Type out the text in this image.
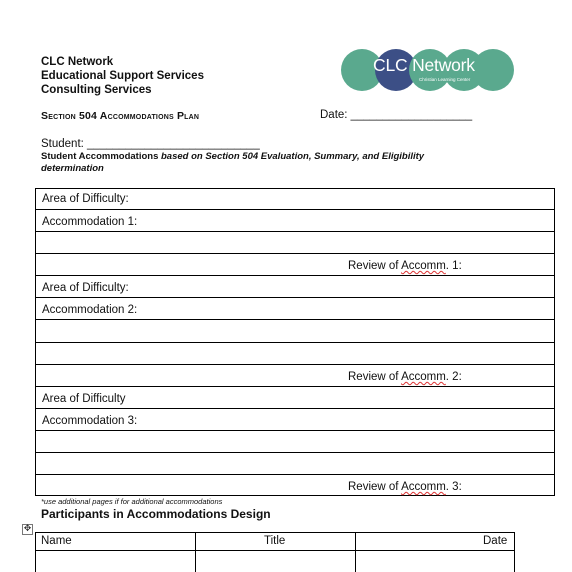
CLC Network
Educational Support Services
Consulting Services
CLC Network
Christian Learning Center
Section 504 Accommodations Plan	Date: ___________________
Student: ___________________________
Student Accommodations based on Section 504 Evaluation, Summary, and Eligibility
determination
Area of Difficulty:
Accommodation 1:
Review of Accomm. 1:
Area of Difficulty:
Accommodation 2:
Review of Accomm. 2:
Area of Difficulty
Accommodation 3:
Review of Accomm. 3:
*use additional pages if for additional accommodations
Participants in Accommodations Design
✥
Name	Title	Date
